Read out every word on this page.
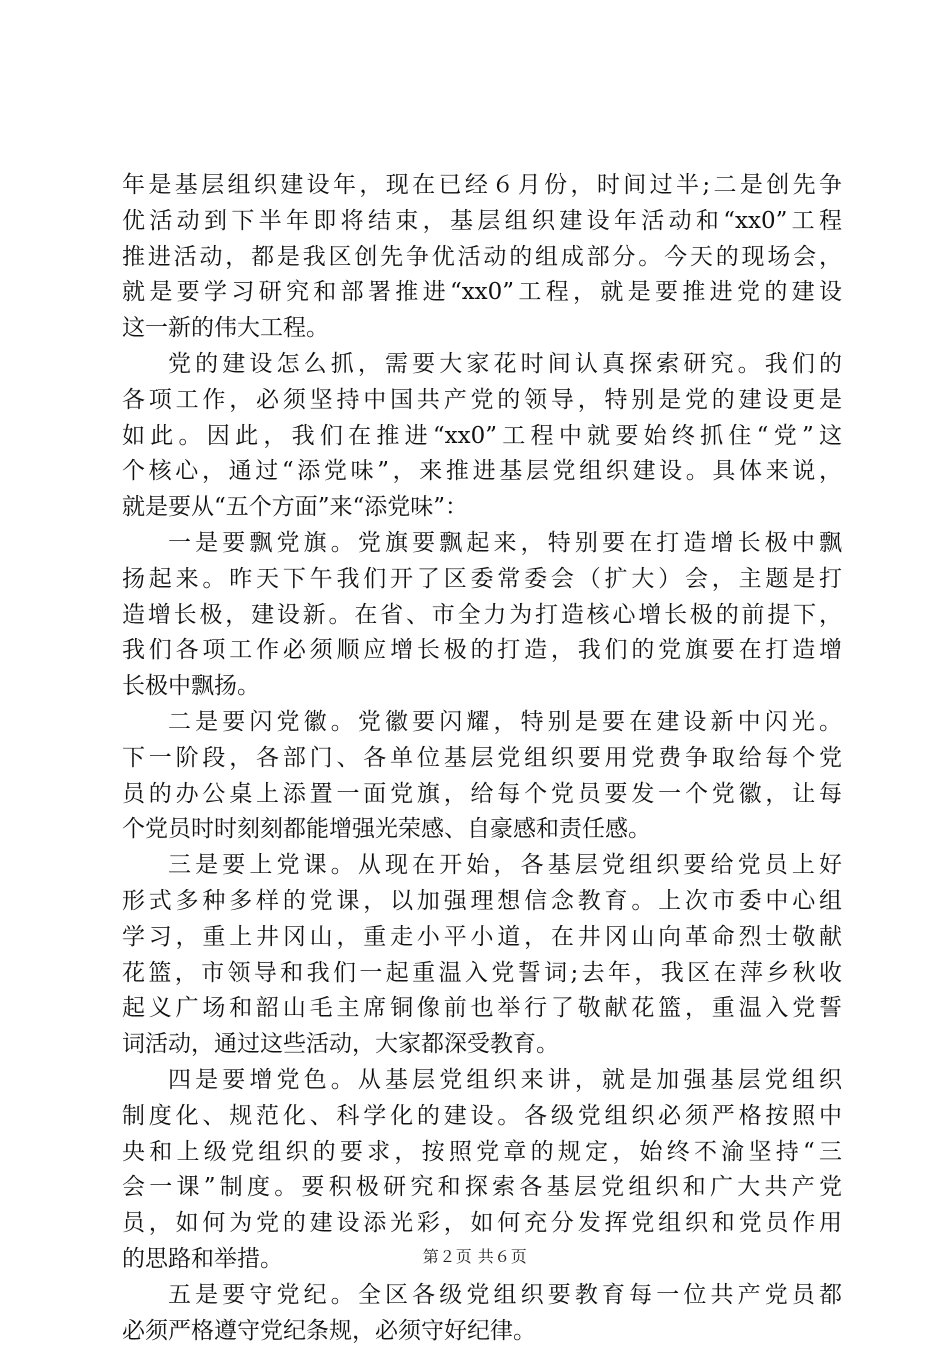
年是基层组织建设年，现在已经６月份，时间过半;二是创先争
优活动到下半年即将结束，基层组织建设年活动和“xx0”工程
推进活动，都是我区创先争优活动的组成部分。今天的现场会，
就是要学习研究和部署推进“xx0”工程，就是要推进党的建设
这一新的伟大工程。
党的建设怎么抓，需要大家花时间认真探索研究。我们的
各项工作，必须坚持中国共产党的领导，特别是党的建设更是
如此。因此，我们在推进“xx0”工程中就要始终抓住“党”这
个核心，通过“添党味”，来推进基层党组织建设。具体来说，
就是要从“五个方面”来“添党味”：
一是要飘党旗。党旗要飘起来，特别要在打造增长极中飘
扬起来。昨天下午我们开了区委常委会（扩大）会，主题是打
造增长极，建设新。在省、市全力为打造核心增长极的前提下，
我们各项工作必须顺应增长极的打造，我们的党旗要在打造增
长极中飘扬。
二是要闪党徽。党徽要闪耀，特别是要在建设新中闪光。
下一阶段，各部门、各单位基层党组织要用党费争取给每个党
员的办公桌上添置一面党旗，给每个党员要发一个党徽，让每
个党员时时刻刻都能增强光荣感、自豪感和责任感。
三是要上党课。从现在开始，各基层党组织要给党员上好
形式多种多样的党课，以加强理想信念教育。上次市委中心组
学习，重上井冈山，重走小平小道，在井冈山向革命烈士敬献
花篮，市领导和我们一起重温入党誓词;去年，我区在萍乡秋收
起义广场和韶山毛主席铜像前也举行了敬献花篮，重温入党誓
词活动，通过这些活动，大家都深受教育。
四是要增党色。从基层党组织来讲，就是加强基层党组织
制度化、规范化、科学化的建设。各级党组织必须严格按照中
央和上级党组织的要求，按照党章的规定，始终不渝坚持“三
会一课”制度。要积极研究和探索各基层党组织和广大共产党
员，如何为党的建设添光彩，如何充分发挥党组织和党员作用
的思路和举措。
五是要守党纪。全区各级党组织要教育每一位共产党员都
必须严格遵守党纪条规，必须守好纪律。
第２页 共６页
